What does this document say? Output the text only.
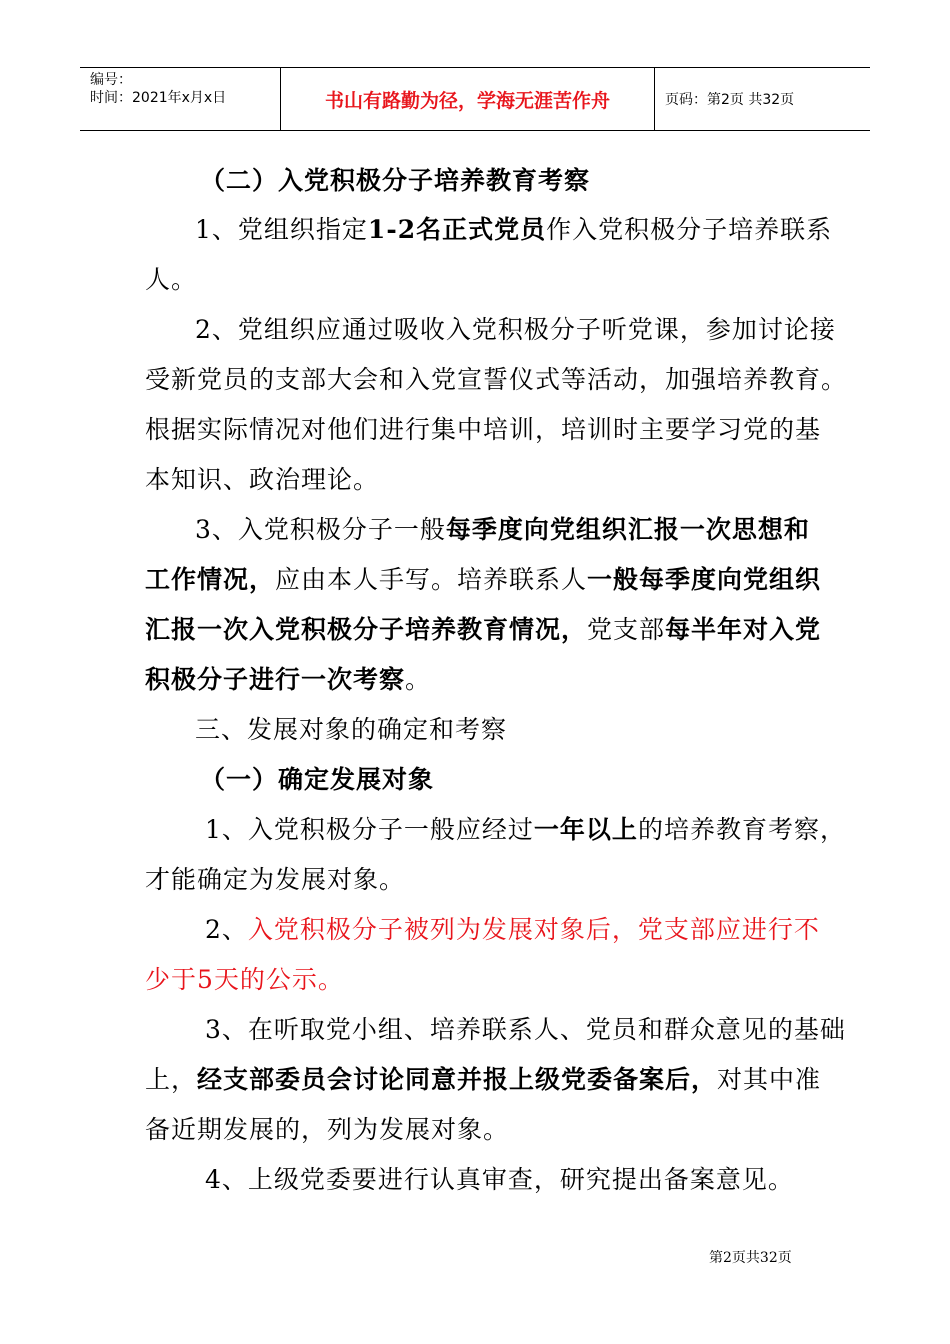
编号：
时间：2021年x月x日	书山有路勤为径，学海无涯苦作舟	页码：第2页 共32页
（二）入党积极分子培养教育考察
1、党组织指定1-2名正式党员作入党积极分子培养联系
人。
2、党组织应通过吸收入党积极分子听党课，参加讨论接
受新党员的支部大会和入党宣誓仪式等活动，加强培养教育。
根据实际情况对他们进行集中培训，培训时主要学习党的基
本知识、政治理论。
3、入党积极分子一般每季度向党组织汇报一次思想和
工作情况，应由本人手写。培养联系人一般每季度向党组织
汇报一次入党积极分子培养教育情况，党支部每半年对入党
积极分子进行一次考察。
三、发展对象的确定和考察
（一）确定发展对象
1、入党积极分子一般应经过一年以上的培养教育考察，
才能确定为发展对象。
2、入党积极分子被列为发展对象后，党支部应进行不
少于5天的公示。
3、在听取党小组、培养联系人、党员和群众意见的基础
上，经支部委员会讨论同意并报上级党委备案后，对其中准
备近期发展的，列为发展对象。
4、上级党委要进行认真审查，研究提出备案意见。
第2页共32页
